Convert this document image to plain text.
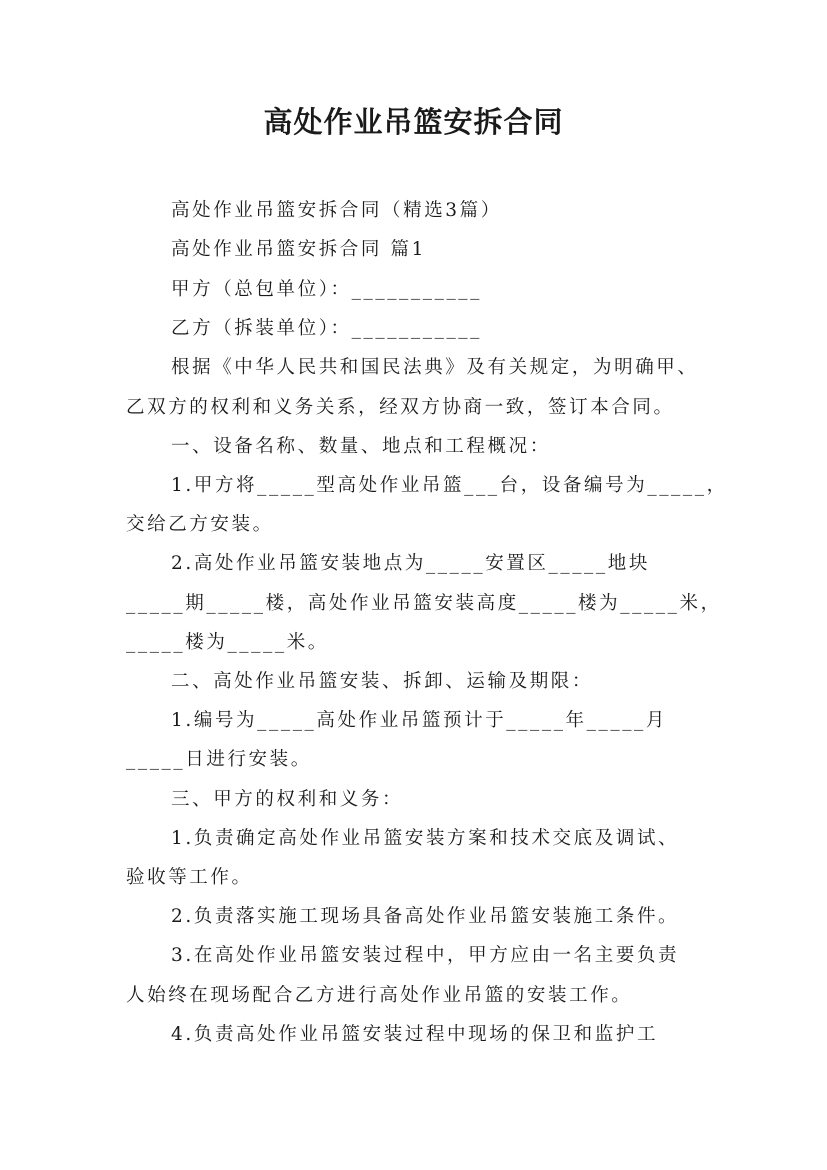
高处作业吊篮安拆合同
高处作业吊篮安拆合同（精选3篇）
高处作业吊篮安拆合同 篇1
甲方（总包单位）：___________
乙方（拆装单位）：___________
根据《中华人民共和国民法典》及有关规定，为明确甲、
乙双方的权利和义务关系，经双方协商一致，签订本合同。
一、设备名称、数量、地点和工程概况：
1.甲方将_____型高处作业吊篮___台，设备编号为_____，
交给乙方安装。
2.高处作业吊篮安装地点为_____安置区_____地块
_____期_____楼，高处作业吊篮安装高度_____楼为_____米，
_____楼为_____米。
二、高处作业吊篮安装、拆卸、运输及期限：
1.编号为_____高处作业吊篮预计于_____年_____月
_____日进行安装。
三、甲方的权利和义务：
1.负责确定高处作业吊篮安装方案和技术交底及调试、
验收等工作。
2.负责落实施工现场具备高处作业吊篮安装施工条件。
3.在高处作业吊篮安装过程中，甲方应由一名主要负责
人始终在现场配合乙方进行高处作业吊篮的安装工作。
4.负责高处作业吊篮安装过程中现场的保卫和监护工
